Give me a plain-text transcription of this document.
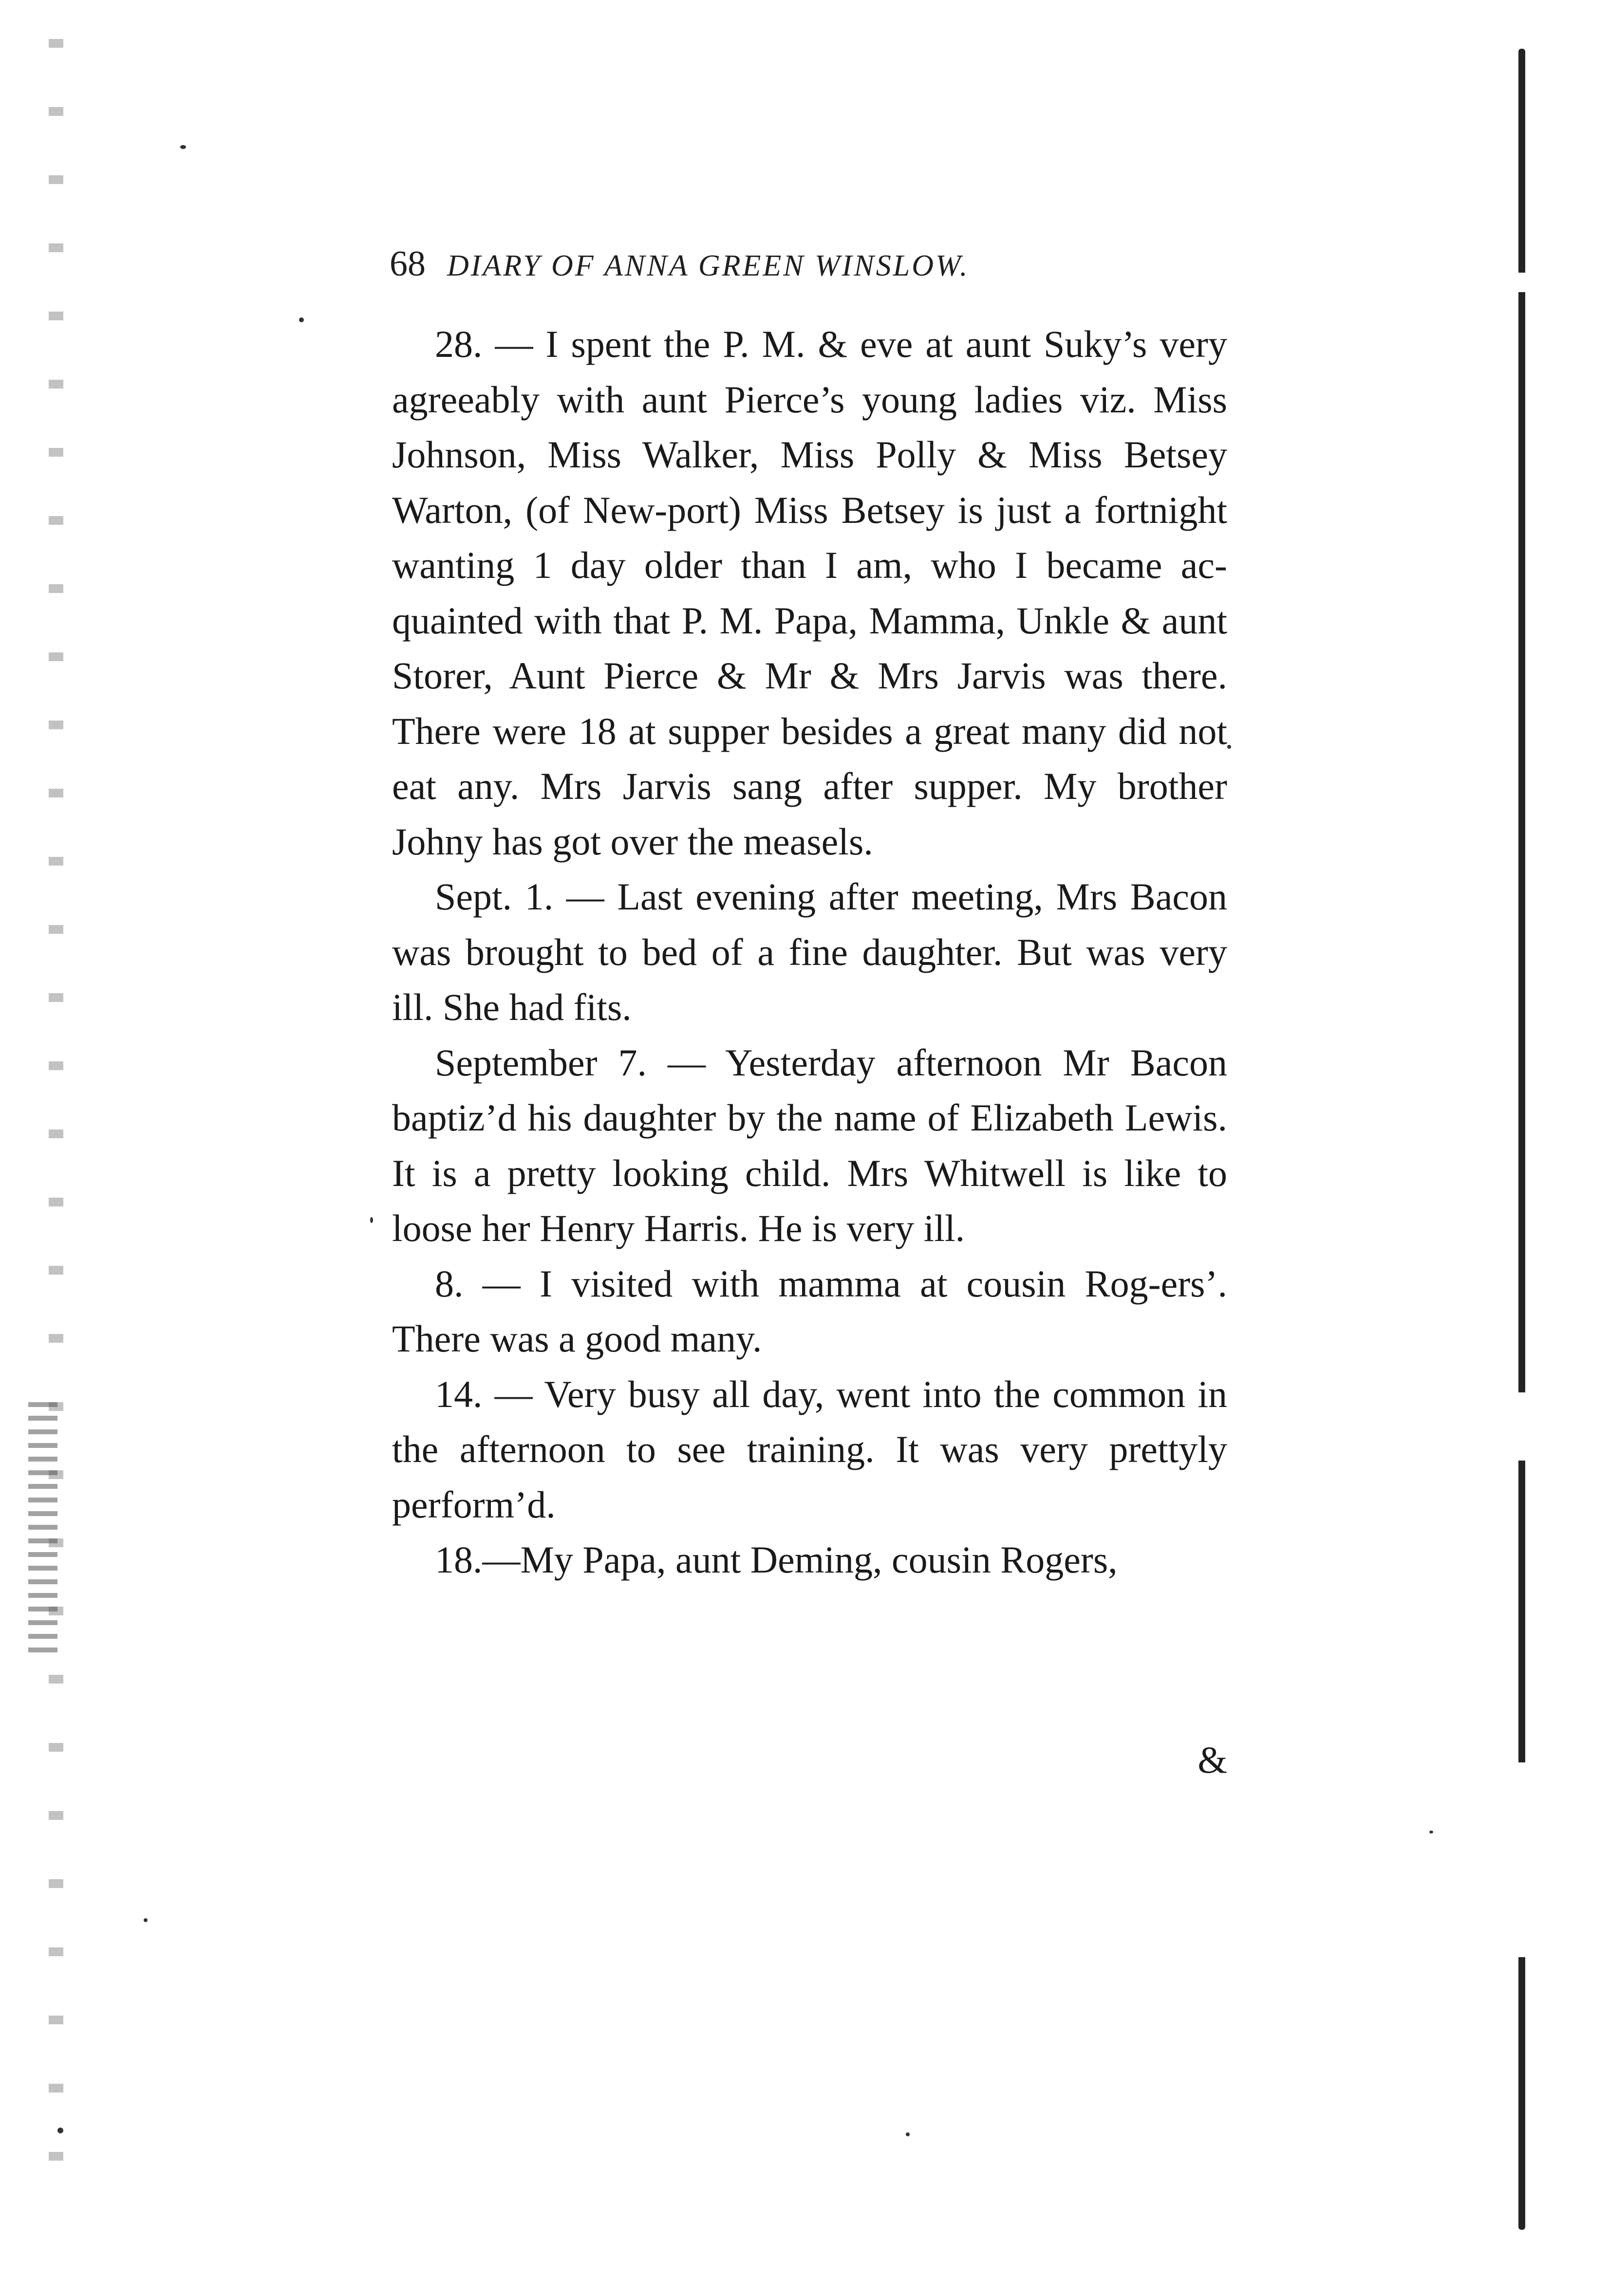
68 DIARY OF ANNA GREEN WINSLOW.

28. — I spent the P. M. & eve at aunt Suky’s very agreeably with aunt Pierce’s young ladies viz. Miss Johnson, Miss Walker, Miss Polly & Miss Betsey Warton, (of New-port) Miss Betsey is just a fortnight wanting 1 day older than I am, who I became ac-quainted with that P. M. Papa, Mamma, Unkle & aunt Storer, Aunt Pierce & Mr & Mrs Jarvis was there. There were 18 at supper besides a great many did not eat any. Mrs Jarvis sang after supper. My brother Johny has got over the measels.

Sept. 1. — Last evening after meeting, Mrs Bacon was brought to bed of a fine daughter. But was very ill. She had fits.

September 7. — Yesterday afternoon Mr Bacon baptiz’d his daughter by the name of Elizabeth Lewis. It is a pretty looking child. Mrs Whitwell is like to loose her Henry Harris. He is very ill.

8. — I visited with mamma at cousin Rog-ers’. There was a good many.

14. — Very busy all day, went into the common in the afternoon to see training. It was very prettyly perform’d.

18.—My Papa, aunt Deming, cousin Rogers,

&
